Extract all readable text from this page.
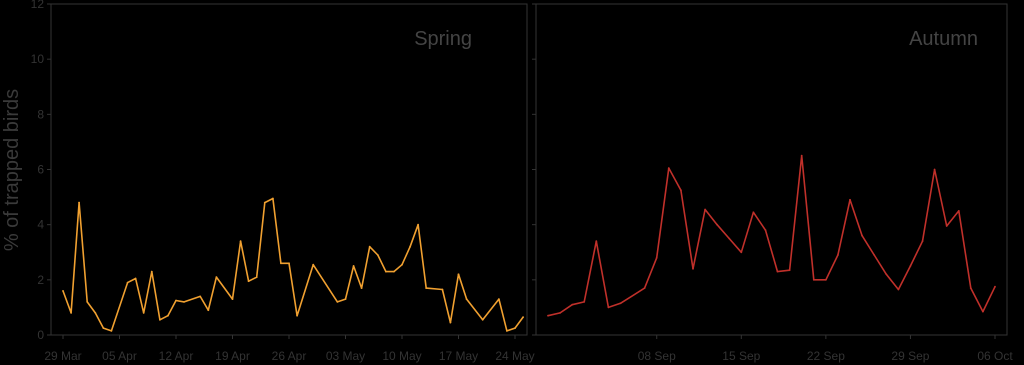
% of trapped birds
0
2
4
6
8
10
12
29 Mar 05 Apr 12 Apr 19 Apr 26 Apr 03 May 10 May 17 May 24 May
Spring
08 Sep	15 Sep	22 Sep	29 Sep	06 Oct
Autumn
